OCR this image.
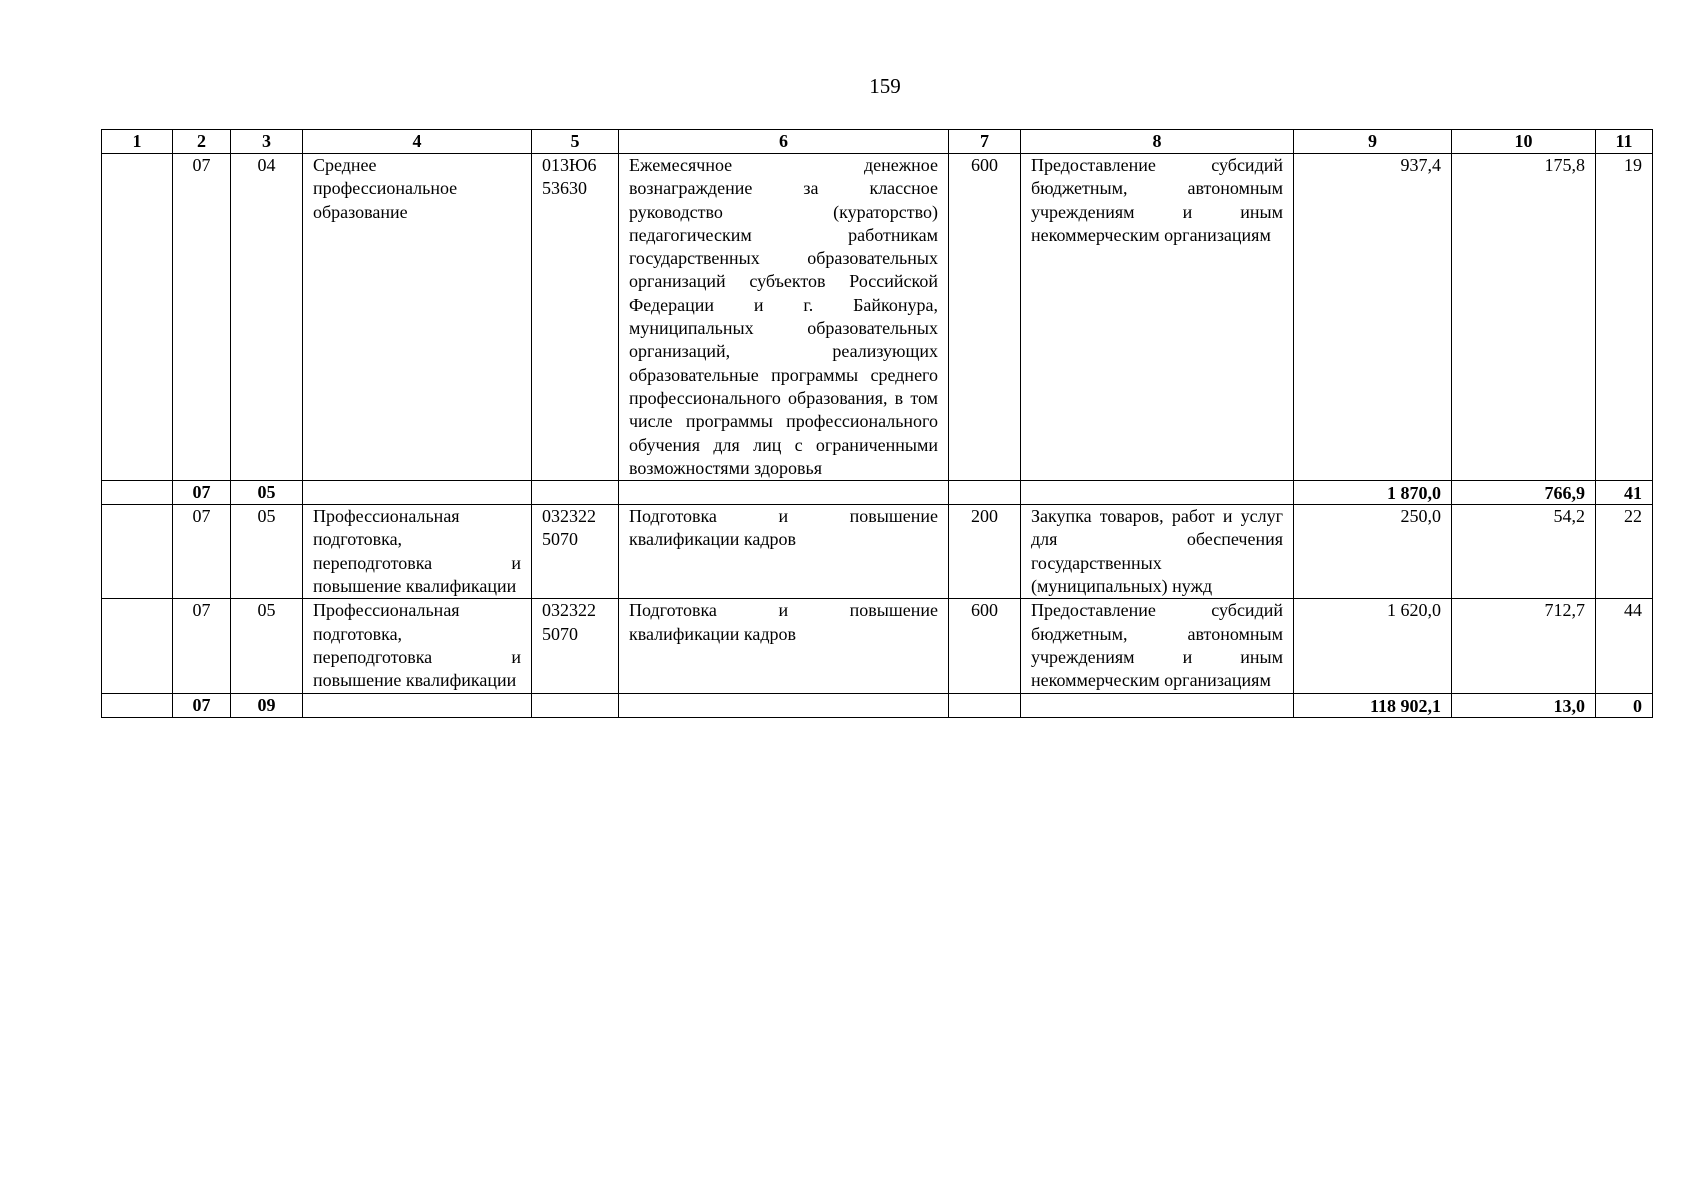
159
1	2	3	4	5	6	7	8	9	10	11
	07	04	Среднее профессиональное образование	013Ю6 53630	Ежемесячное денежное вознаграждение за классное руководство (кураторство) педагогическим работникам государственных образовательных организаций субъектов Российской Федерации и г. Байконура, муниципальных образовательных организаций, реализующих образовательные программы среднего профессионального образования, в том числе программы профессионального обучения для лиц с ограниченными возможностями здоровья	600	Предоставление субсидий бюджетным, автономным учреждениям и иным некоммерческим организациям	937,4	175,8	19
	07	05						1 870,0	766,9	41
	07	05	Профессиональная подготовка, переподготовка и повышение квалификации	032322 5070	Подготовка и повышение квалификации кадров	200	Закупка товаров, работ и услуг для обеспечения государственных (муниципальных) нужд	250,0	54,2	22
	07	05	Профессиональная подготовка, переподготовка и повышение квалификации	032322 5070	Подготовка и повышение квалификации кадров	600	Предоставление субсидий бюджетным, автономным учреждениям и иным некоммерческим организациям	1 620,0	712,7	44
	07	09						118 902,1	13,0	0
